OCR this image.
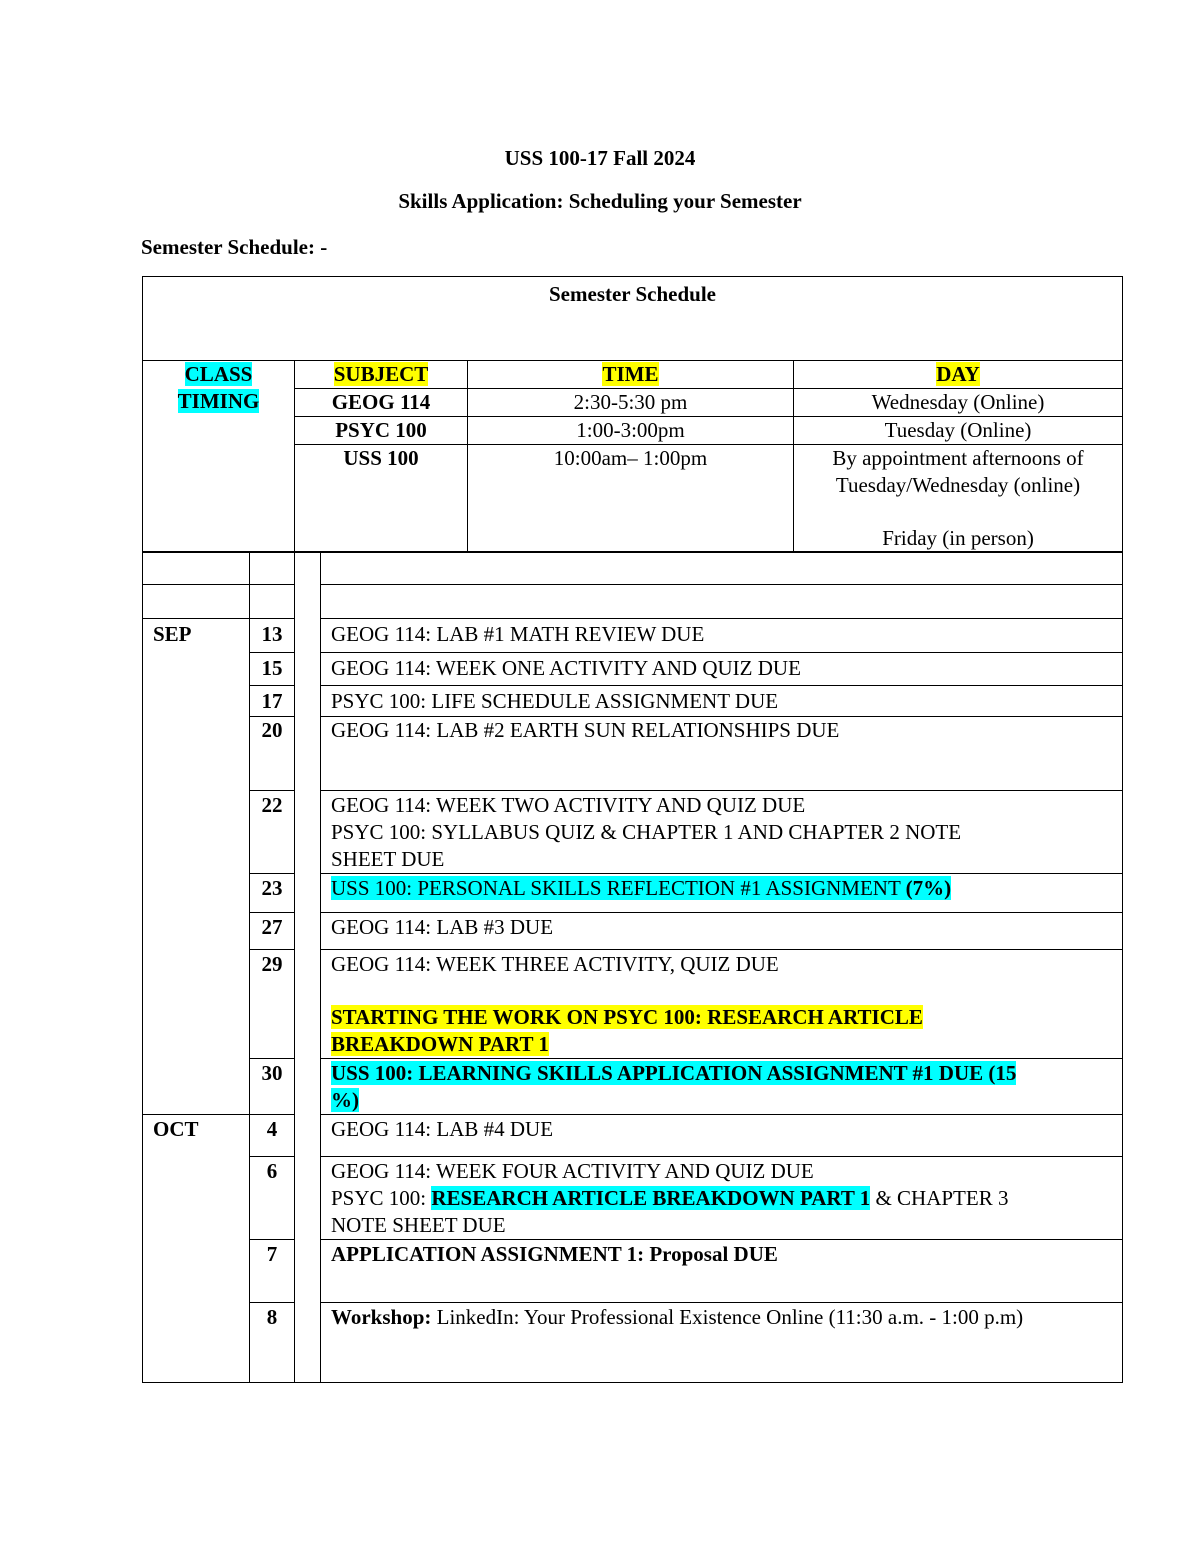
USS 100-17 Fall 2024
Skills Application: Scheduling your Semester
Semester Schedule: -
Semester Schedule			
CLASS
TIMING	SUBJECT	TIME	DAY
	GEOG 114	2:30-5:30 pm	Wednesday (Online)
	PSYC 100	1:00-3:00pm	Tuesday (Online)
	USS 100	10:00am– 1:00pm	By appointment afternoons of
Tuesday/Wednesday (online)
Friday (in person)

SEP	13		GEOG 114: LAB #1 MATH REVIEW DUE
	15		GEOG 114: WEEK ONE ACTIVITY AND QUIZ DUE
	17		PSYC 100: LIFE SCHEDULE ASSIGNMENT DUE
	20		GEOG 114: LAB #2 EARTH SUN RELATIONSHIPS DUE
	22		GEOG 114: WEEK TWO ACTIVITY AND QUIZ DUE
PSYC 100: SYLLABUS QUIZ & CHAPTER 1 AND CHAPTER 2 NOTE
SHEET DUE

	23		USS 100: PERSONAL SKILLS REFLECTION #1 ASSIGNMENT (7%)
	27		GEOG 114: LAB #3 DUE
	29		GEOG 114: WEEK THREE ACTIVITY, QUIZ DUE
STARTING THE WORK ON PSYC 100: RESEARCH ARTICLE
BREAKDOWN PART 1

	30		USS 100: LEARNING SKILLS APPLICATION ASSIGNMENT #1 DUE (15
%)

OCT	4		GEOG 114: LAB #4 DUE
	6		GEOG 114: WEEK FOUR ACTIVITY AND QUIZ DUE
PSYC 100: RESEARCH ARTICLE BREAKDOWN PART 1 & CHAPTER 3
NOTE SHEET DUE

	7		APPLICATION ASSIGNMENT 1: Proposal DUE
	8		Workshop: LinkedIn: Your Professional Existence Online (11:30 a.m. - 1:00 p.m)
